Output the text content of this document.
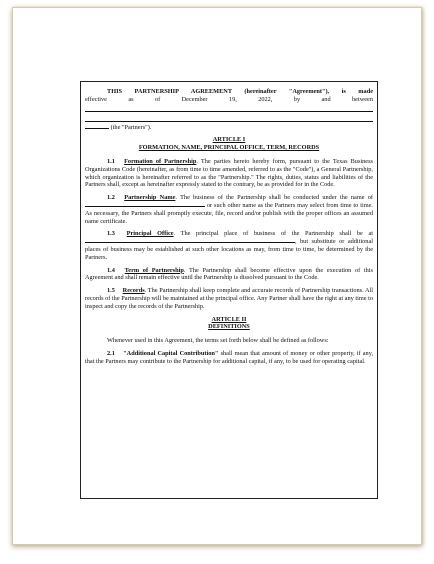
THIS PARTNERSHIP AGREEMENT (hereinafter "Agreement"), is made

effective as of December 19, 2022, by and between

(the "Partners").

ARTICLE I
FORMATION, NAME, PRINCIPAL OFFICE, TERM, RECORDS

1.1 Formation of Partnership. The parties hereto hereby form, pursuant to the Texas Business Organizations Code (hereinafter, as from time to time amended, referred to as the "Code"), a General Partnership, which organization is hereinafter referred to as the "Partnership." The rights, duties, status and liabilities of the Partners shall, except as hereinafter expressly stated to the contrary, be as provided for in the Code.

1.2 Partnership Name. The business of the Partnership shall be conducted under the name of  or such other name as the Partners may select from time to time. As necessary, the Partners shall promptly execute, file, record and/or publish with the proper offices an assumed name certificate.

1.3 Principal Office. The principal place of business of the Partnership shall be at , but substitute or additional places of business may be established at such other locations as may, from time to time, be determined by the Partners.

1.4 Term of Partnership. The Partnership shall become effective upon the execution of this Agreement and shall remain effective until the Partnership is dissolved pursuant to the Code.

1.5 Records. The Partnership shall keep complete and accurate records of Partnership transactions. All records of the Partnership will be maintained at the principal office. Any Partner shall have the right at any time to inspect and copy the records of the Partnership.

ARTICLE II
DEFINITIONS

Whenever used in this Agreement, the terms set forth below shall be defined as follows:

2.1 "Additional Capital Contribution" shall mean that amount of money or other property, if any, that the Partners may contribute to the Partnership for additional capital, if any, to be used for operating capital.
